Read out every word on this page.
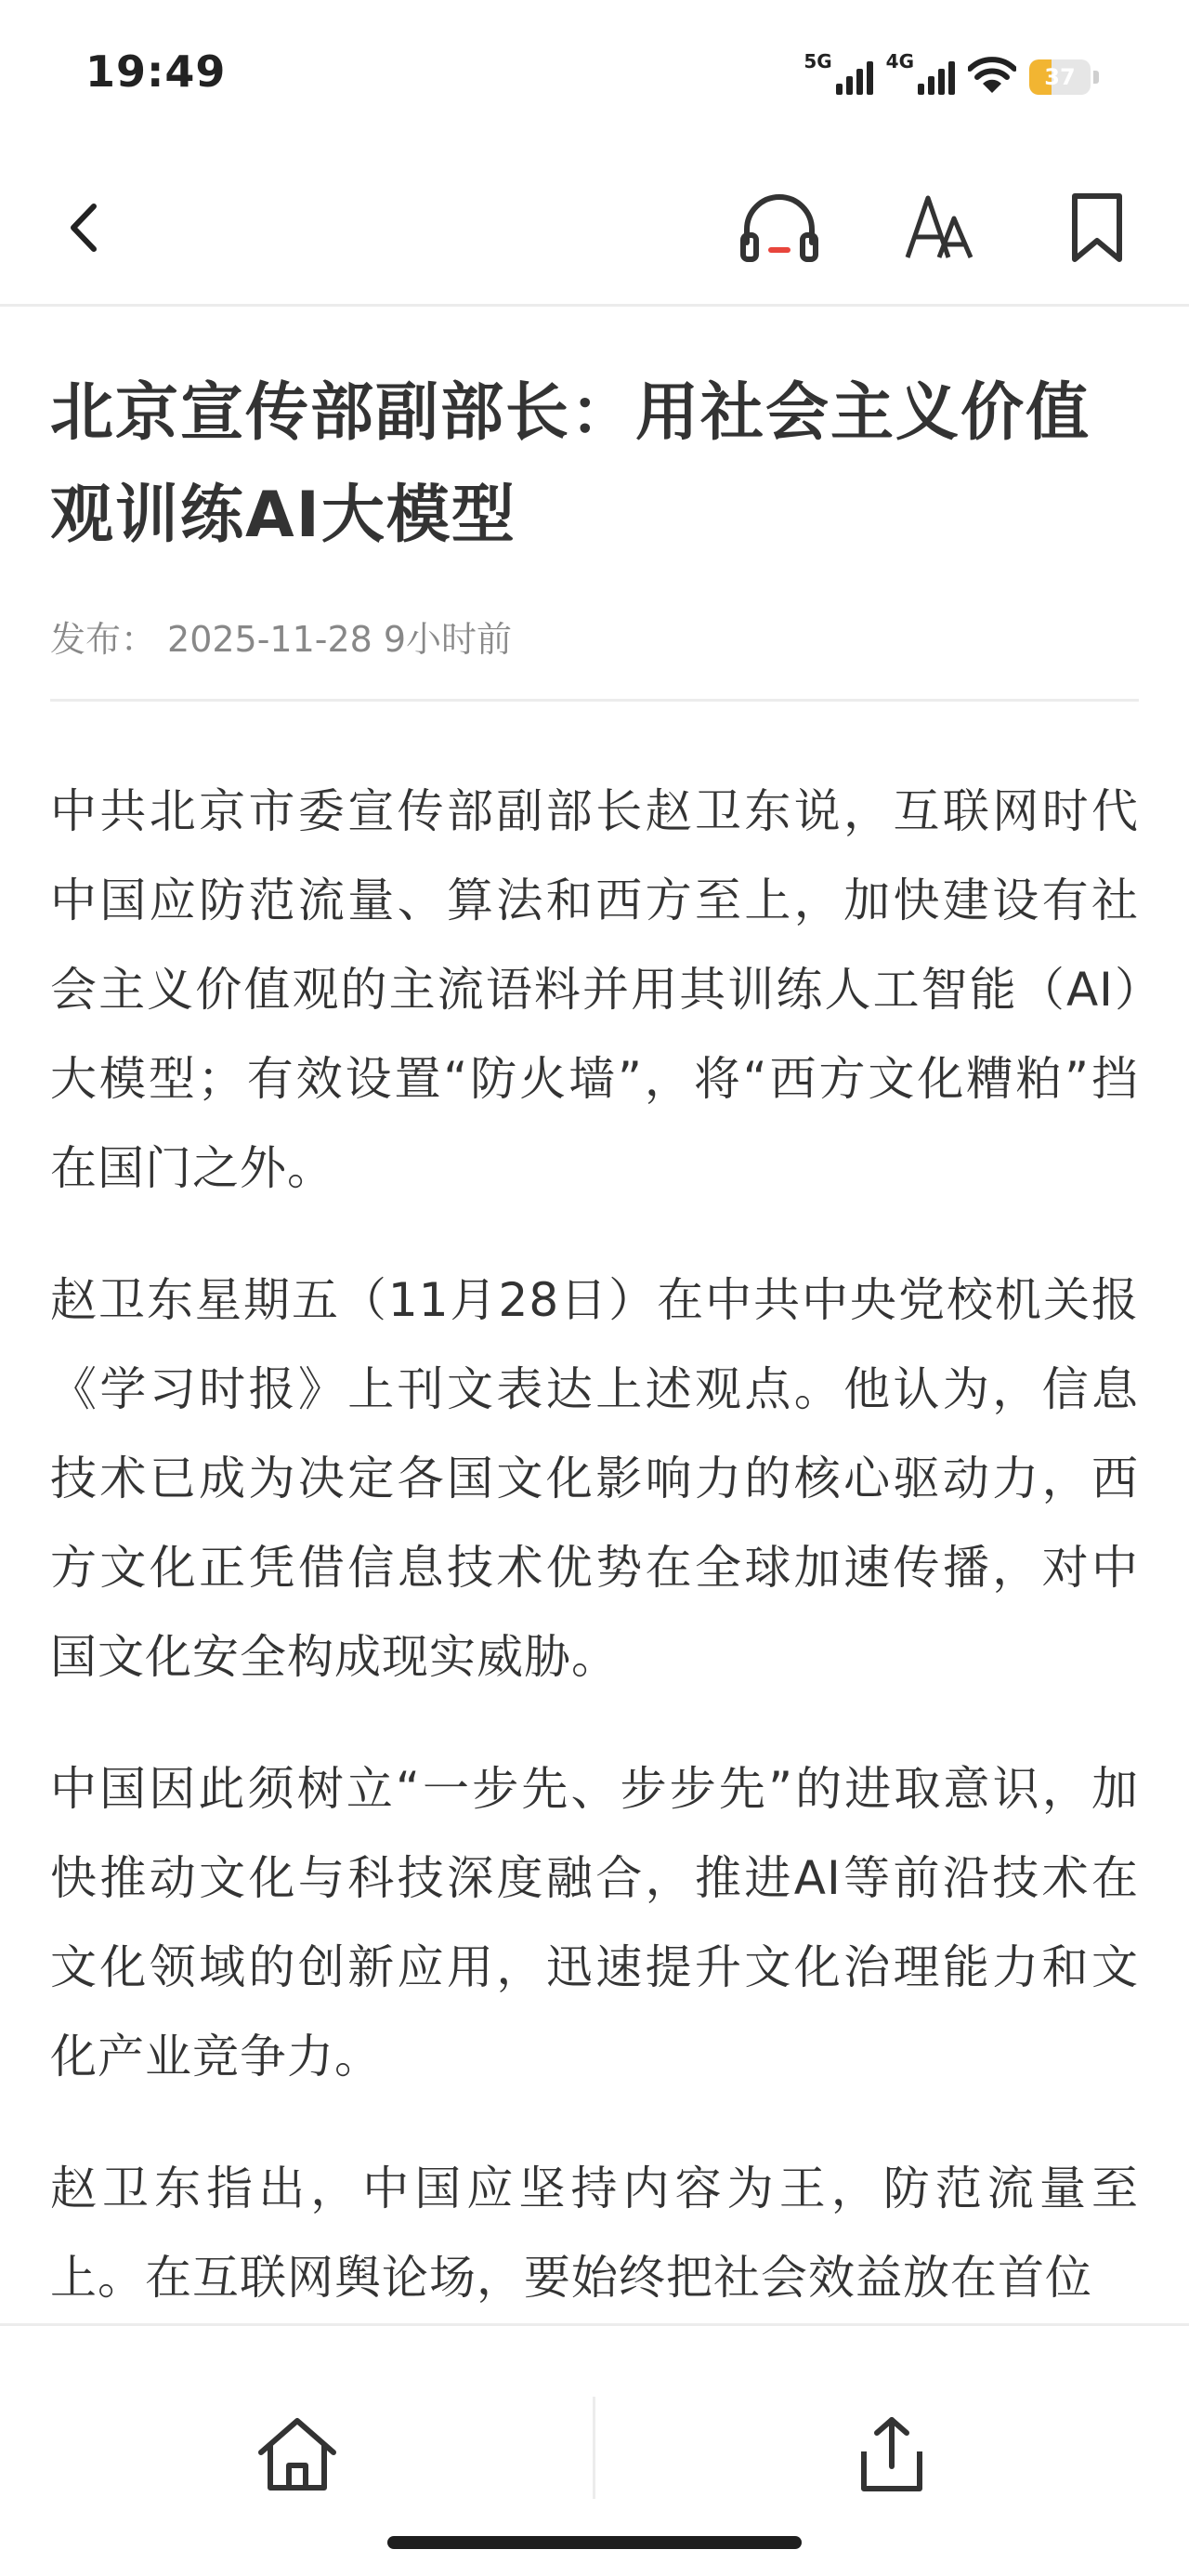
19:49	5G	4G
37
北京宣传部副部长：用社会主义价值观训练AI大模型
发布： 2025-11-28 9小时前

中共北京市委宣传部副部长赵卫东说，互联网时代中国应防范流量、算法和西方至上，加快建设有社会主义价值观的主流语料并用其训练人工智能（AI）大模型；有效设置“防火墙”，将“西方文化糟粕”挡在国门之外。

赵卫东星期五（11月28日）在中共中央党校机关报《学习时报》上刊文表达上述观点。他认为，信息技术已成为决定各国文化影响力的核心驱动力，西方文化正凭借信息技术优势在全球加速传播，对中国文化安全构成现实威胁。

中国因此须树立“一步先、步步先”的进取意识，加快推动文化与科技深度融合，推进AI等前沿技术在文化领域的创新应用，迅速提升文化治理能力和文化产业竞争力。

赵卫东指出，中国应坚持内容为王，防范流量至上。在互联网舆论场，要始终把社会效益放在首位
